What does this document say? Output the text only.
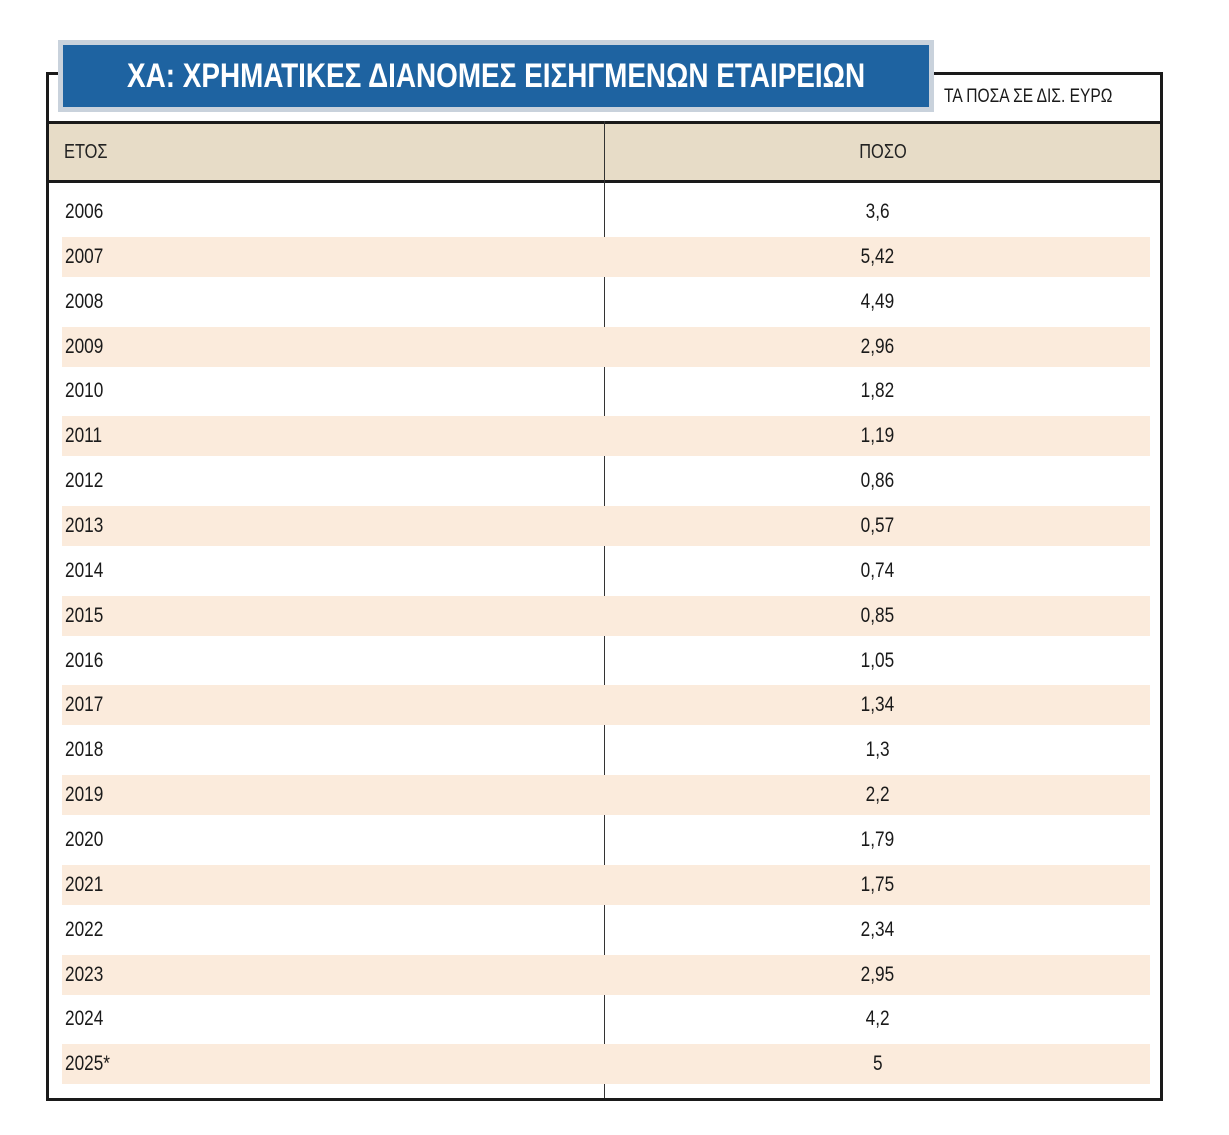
ΧΑ: ΧΡΗΜΑΤΙΚΕΣ ΔΙΑΝΟΜΕΣ ΕΙΣΗΓΜΕΝΩΝ ΕΤΑΙΡΕΙΩΝ
ΤΑ ΠΟΣΑ ΣΕ ΔΙΣ. ΕΥΡΩ
ΕΤΟΣ	ΠΟΣΟ
2006	3,6
2007	5,42
2008	4,49
2009	2,96
2010	1,82
2011	1,19
2012	0,86
2013	0,57
2014	0,74
2015	0,85
2016	1,05
2017	1,34
2018	1,3
2019	2,2
2020	1,79
2021	1,75
2022	2,34
2023	2,95
2024	4,2
2025*	5
